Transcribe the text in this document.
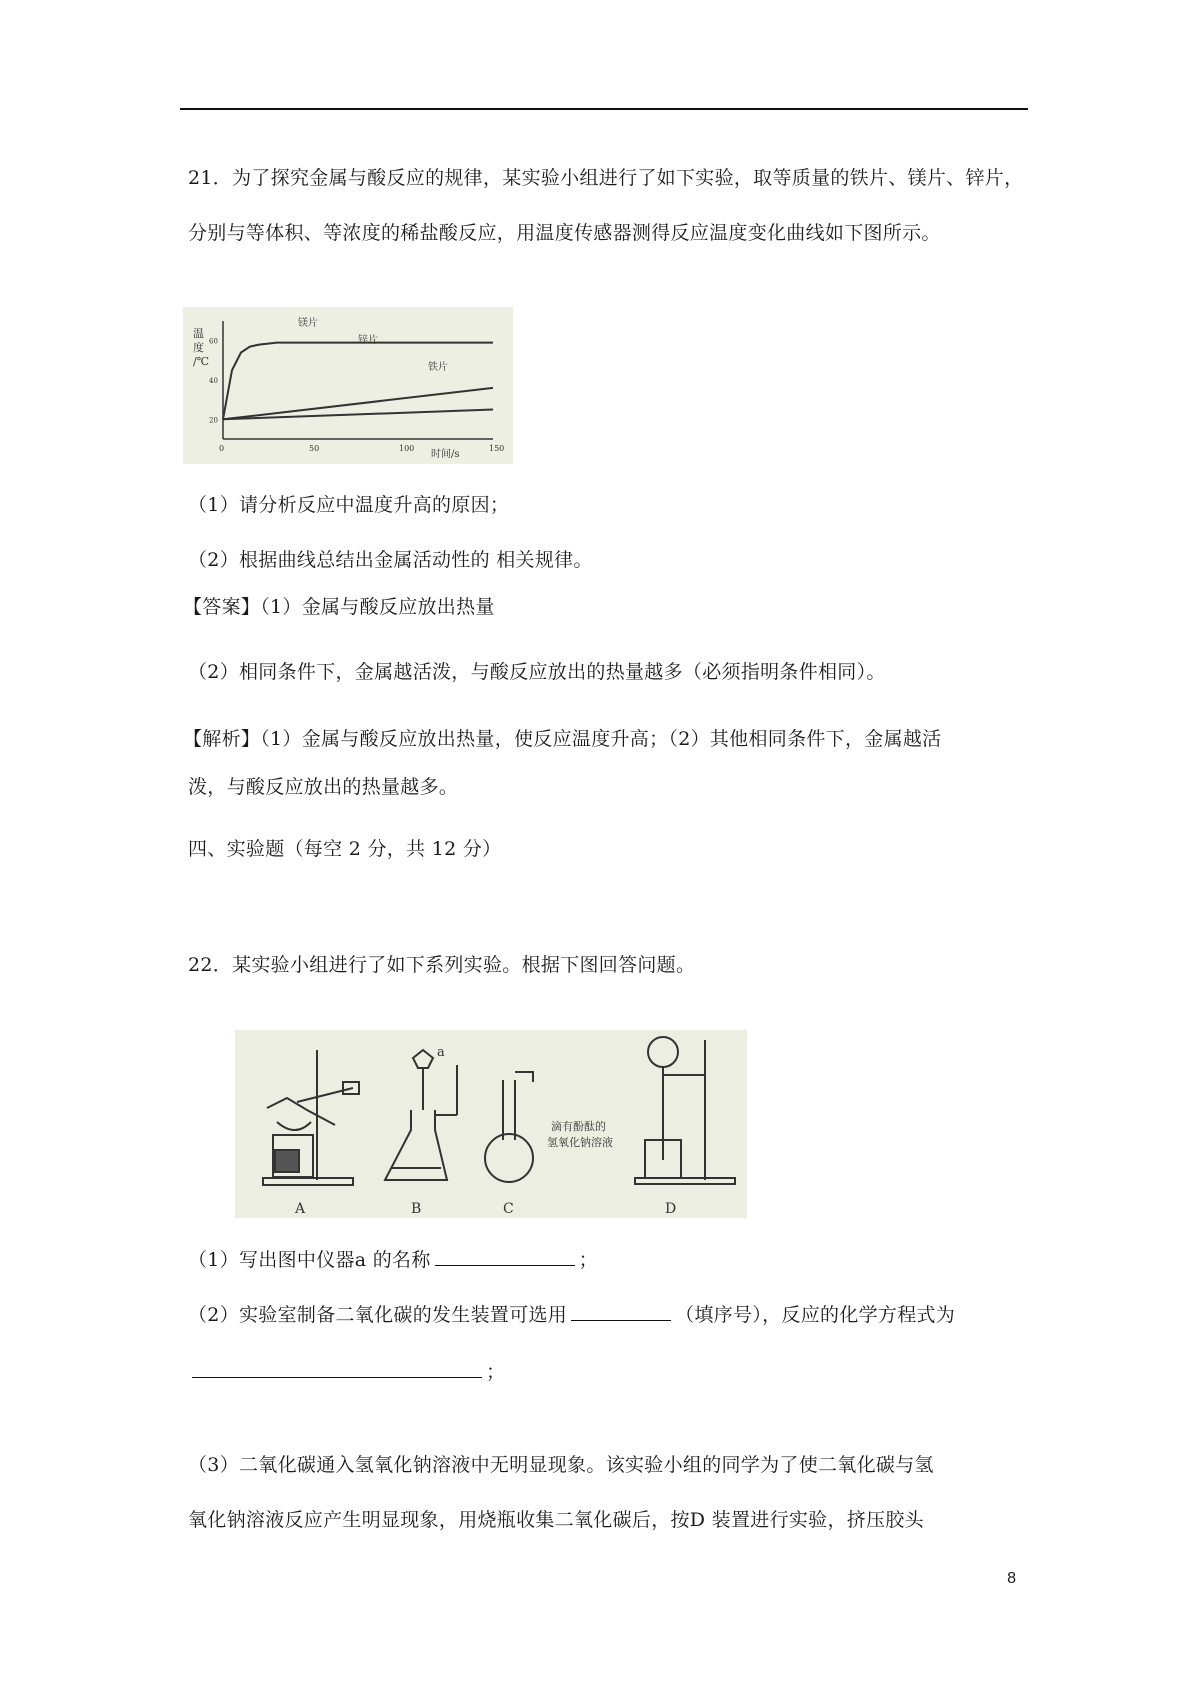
21．为了探究金属与酸反应的规律，某实验小组进行了如下实验，取等质量的铁片、镁片、锌片，
分别与等体积、等浓度的稀盐酸反应，用温度传感器测得反应温度变化曲线如下图所示。
温
度
/℃
时间/s
0	50	100	150
20
40
60
镁片
锌片
铁片
（1）请分析反应中温度升高的原因；
（2）根据曲线总结出金属活动性的 相关规律。
【答案】（1）金属与酸反应放出热量
（2）相同条件下，金属越活泼，与酸反应放出的热量越多（必须指明条件相同）。
【解析】（1）金属与酸反应放出热量，使反应温度升高；（2）其他相同条件下，金属越活
泼，与酸反应放出的热量越多。
四、实验题（每空 2 分，共 12 分）
22．某实验小组进行了如下系列实验。根据下图回答问题。
A
a
B	C
滴有酚酞的
氢氧化钠溶液
D
（1）写出图中仪器a 的名称	；
（2）实验室制备二氧化碳的发生装置可选用	（填序号），反应的化学方程式为
；
（3）二氧化碳通入氢氧化钠溶液中无明显现象。该实验小组的同学为了使二氧化碳与氢
氧化钠溶液反应产生明显现象，用烧瓶收集二氧化碳后，按D 装置进行实验，挤压胶头
8
